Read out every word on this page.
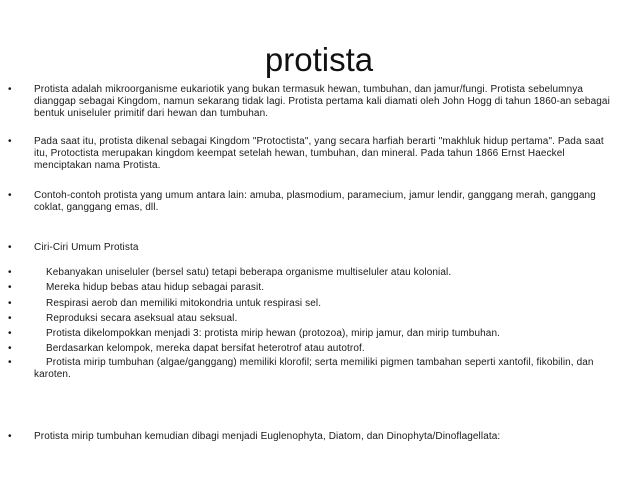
protista
•	Protista adalah mikroorganisme eukariotik yang bukan termasuk hewan, tumbuhan, dan jamur/fungi. Protista sebelumnya dianggap sebagai Kingdom, namun sekarang tidak lagi. Protista pertama kali diamati oleh John Hogg di tahun 1860-an sebagai bentuk uniseluler primitif dari hewan dan tumbuhan.
•	Pada saat itu, protista dikenal sebagai Kingdom "Protoctista", yang secara harfiah berarti "makhluk hidup pertama". Pada saat itu, Protoctista merupakan kingdom keempat setelah hewan, tumbuhan, dan mineral. Pada tahun 1866 Ernst Haeckel menciptakan nama Protista.
•	Contoh-contoh protista yang umum antara lain: amuba, plasmodium, paramecium, jamur lendir, ganggang merah, ganggang coklat, ganggang emas, dll.
•	Ciri-Ciri Umum Protista
•	Kebanyakan uniseluler (bersel satu) tetapi beberapa organisme multiseluler atau kolonial.
•	Mereka hidup bebas atau hidup sebagai parasit.
•	Respirasi aerob dan memiliki mitokondria untuk respirasi sel.
•	Reproduksi secara aseksual atau seksual.
•	Protista dikelompokkan menjadi 3: protista mirip hewan (protozoa), mirip jamur, dan mirip tumbuhan.
•	Berdasarkan kelompok, mereka dapat bersifat heterotrof atau autotrof.
•	Protista mirip tumbuhan (algae/ganggang) memiliki klorofil; serta memiliki pigmen tambahan seperti xantofil, fikobilin, dan karoten.
•	Protista mirip tumbuhan kemudian dibagi menjadi Euglenophyta, Diatom, dan Dinophyta/Dinoflagellata:
